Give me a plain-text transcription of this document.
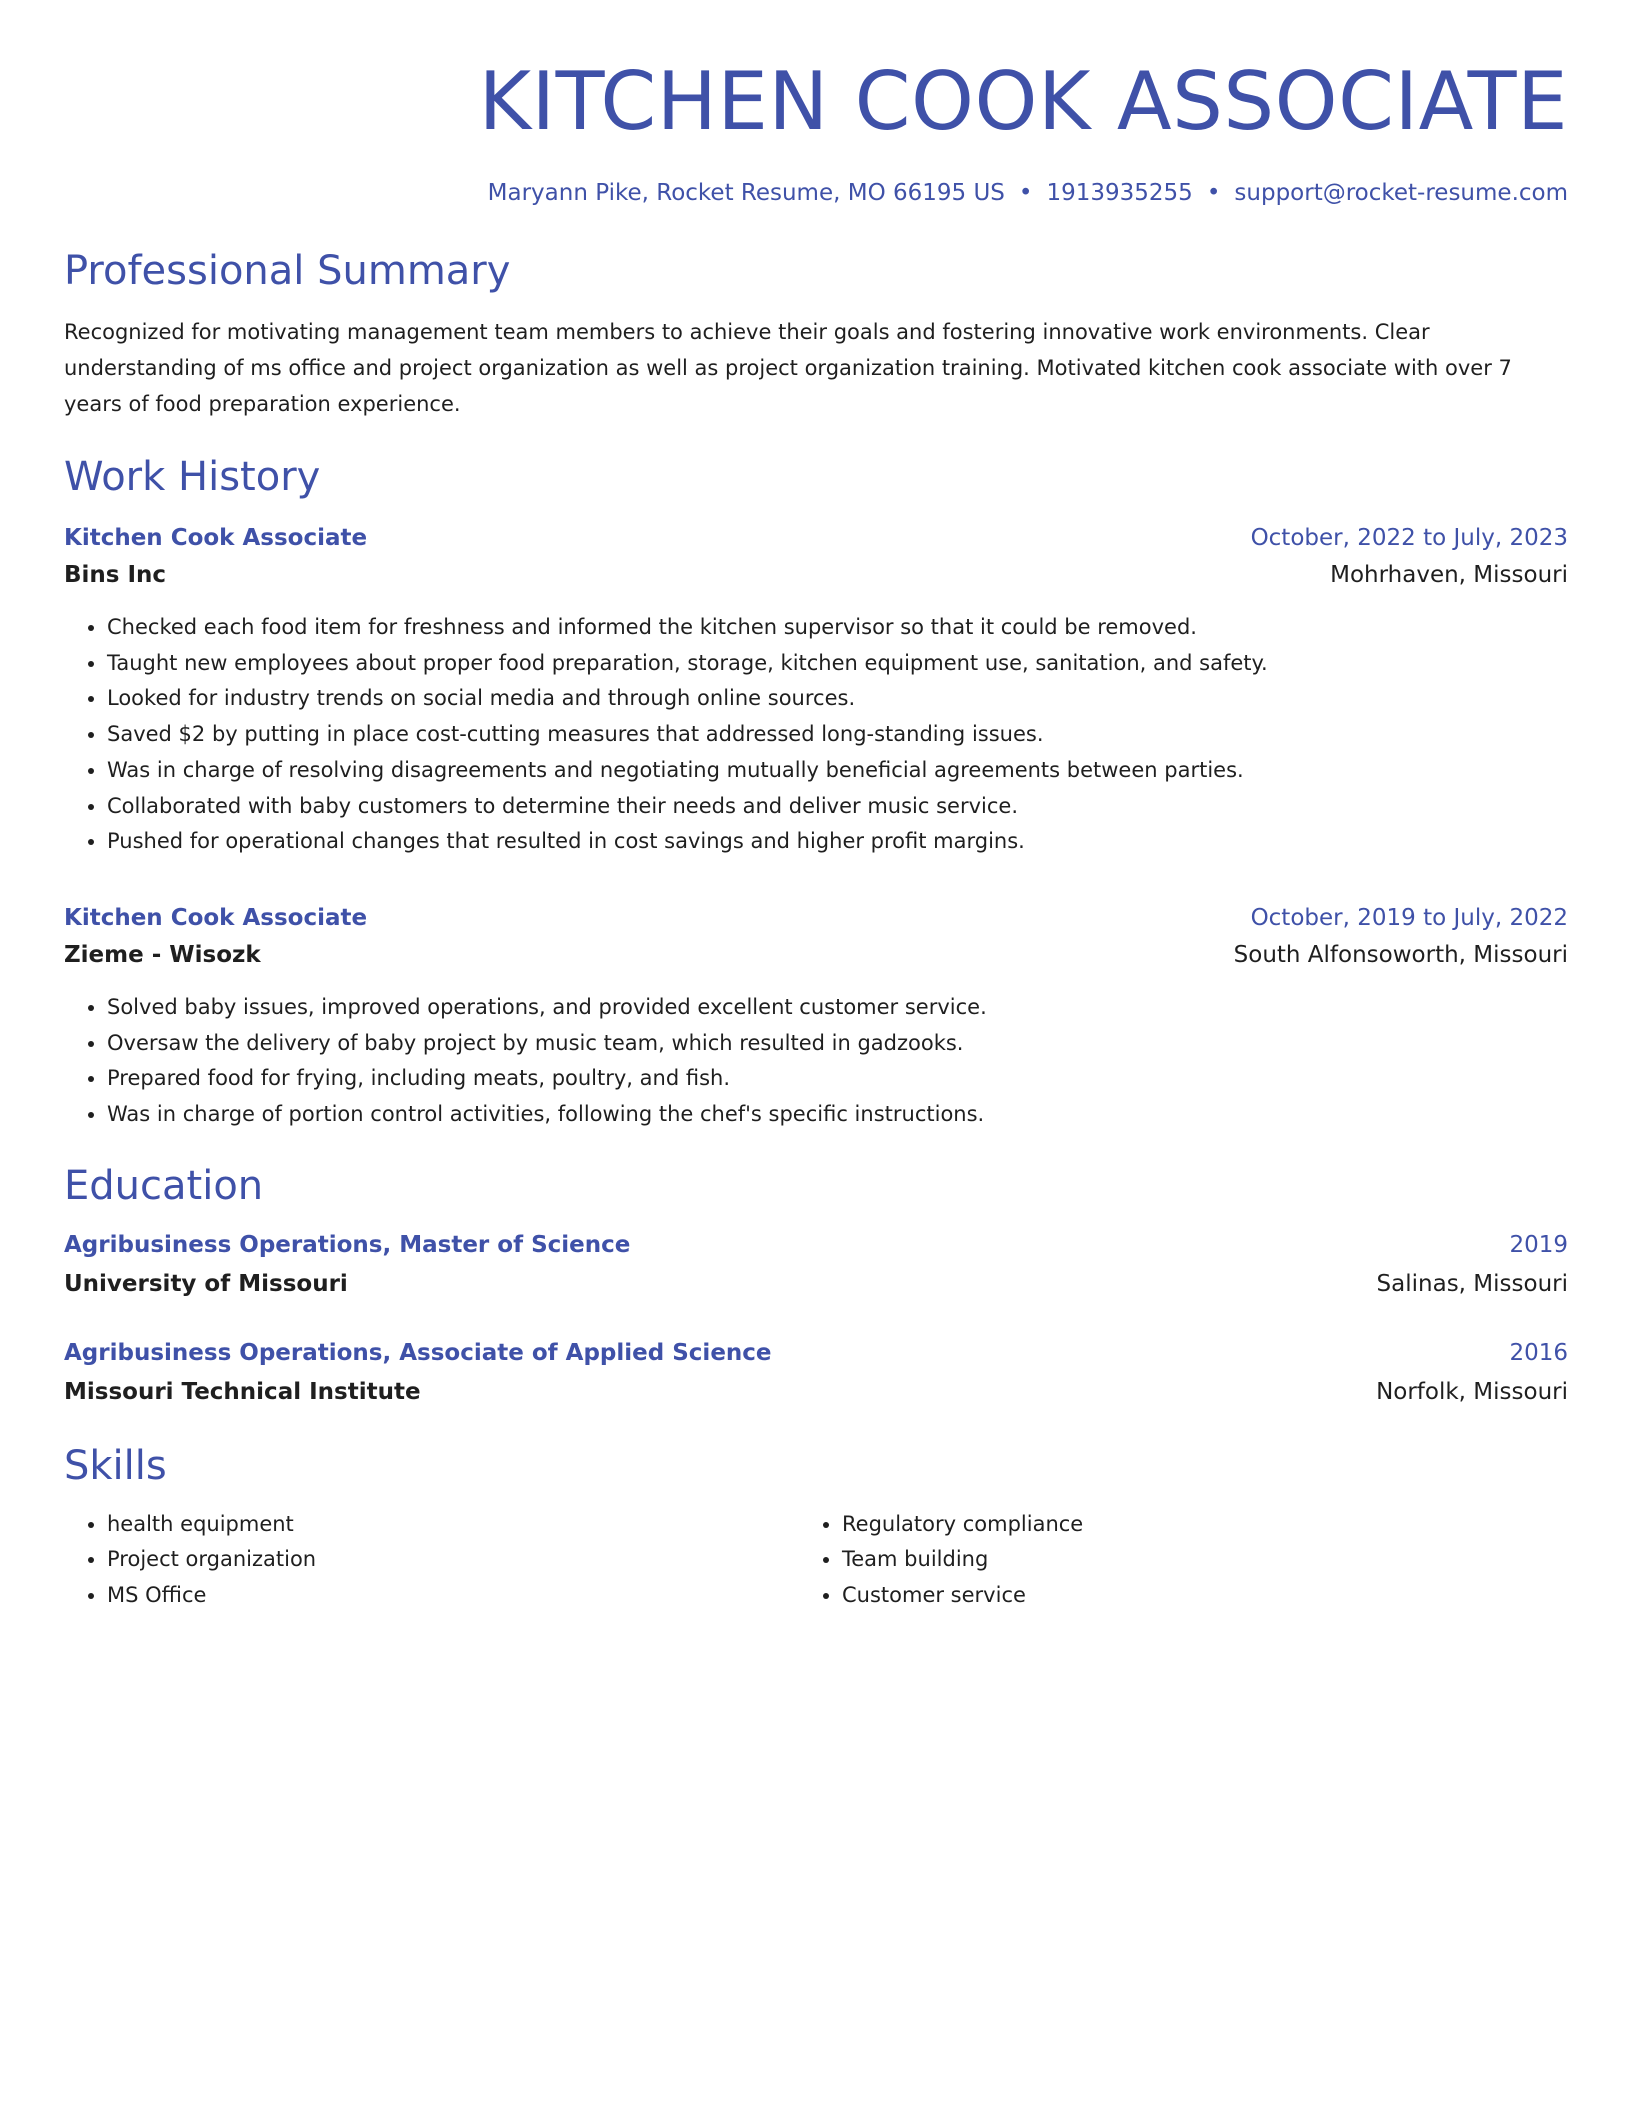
KITCHEN COOK ASSOCIATE
Maryann Pike, Rocket Resume, MO 66195 US • 1913935255 • support@rocket-resume.com
Professional Summary
Recognized for motivating management team members to achieve their goals and fostering innovative work environments. Clear understanding of ms office and project organization as well as project organization training. Motivated kitchen cook associate with over 7 years of food preparation experience.
Work History
Kitchen Cook Associate	October, 2022 to July, 2023
Bins Inc	Mohrhaven, Missouri
• Checked each food item for freshness and informed the kitchen supervisor so that it could be removed.
• Taught new employees about proper food preparation, storage, kitchen equipment use, sanitation, and safety.
• Looked for industry trends on social media and through online sources.
• Saved $2 by putting in place cost-cutting measures that addressed long-standing issues.
• Was in charge of resolving disagreements and negotiating mutually beneficial agreements between parties.
• Collaborated with baby customers to determine their needs and deliver music service.
• Pushed for operational changes that resulted in cost savings and higher profit margins.
Kitchen Cook Associate	October, 2019 to July, 2022
Zieme - Wisozk	South Alfonsoworth, Missouri
• Solved baby issues, improved operations, and provided excellent customer service.
• Oversaw the delivery of baby project by music team, which resulted in gadzooks.
• Prepared food for frying, including meats, poultry, and fish.
• Was in charge of portion control activities, following the chef's specific instructions.
Education
Agribusiness Operations, Master of Science	2019
University of Missouri	Salinas, Missouri
Agribusiness Operations, Associate of Applied Science	2016
Missouri Technical Institute	Norfolk, Missouri
Skills
• health equipment
• Project organization
• MS Office
• Regulatory compliance
• Team building
• Customer service
